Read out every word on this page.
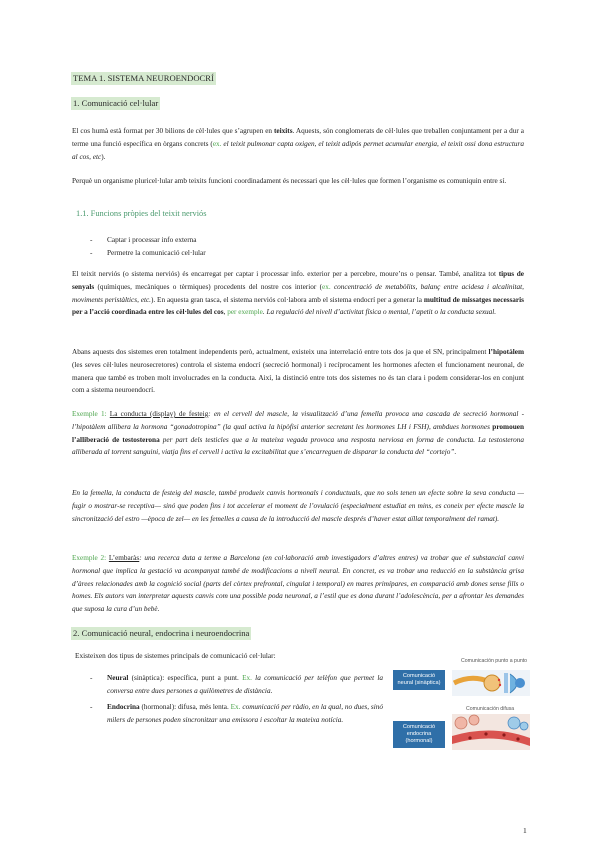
TEMA 1. SISTEMA NEUROENDOCRÍ
1. Comunicació cel·lular

El cos humà està format per 30 bilions de cèl·lules que s’agrupen en teixits. Aquests, són conglomerats de cèl·lules que treballen conjuntament per a dur a terme una funció específica en òrgans concrets (ex. el teixit pulmonar capta oxigen, el teixit adipós permet acumular energia, el teixit ossi dona estructura al cos, etc).

Perquè un organisme pluricel·lular amb teixits funcioni coordinadament és necessari que les cèl·lules que formen l’organisme es comuniquin entre sí.

1.1. Funcions pròpies del teixit nerviós
- Captar i processar info externa
- Permetre la comunicació cel·lular

El teixit nerviós (o sistema nerviós) és encarregat per captar i processar info. exterior per a percebre, moure’ns o pensar. També, analitza tot tipus de senyals (químiques, mecàniques o tèrmiques) procedents del nostre cos interior (ex. concentració de metabòlits, balanç entre acidesa i alcalinitat, moviments peristàltics, etc.). En aquesta gran tasca, el sistema nerviós col·labora amb el sistema endocrí per a generar la multitud de missatges necessaris per a l’acció coordinada entre les cèl·lules del cos, per exemple. La regulació del nivell d’activitat física o mental, l’apetit o la conducta sexual.

Abans aquests dos sistemes eren totalment independents però, actualment, existeix una interrelació entre tots dos ja que el SN, principalment l’hipotàlem (les seves cèl·lules neurosecretores) controla el sistema endocrí (secreció hormonal) i recíprocament les hormones afecten el funcionament neuronal, de manera que també es troben molt involucrades en la conducta. Així, la distinció entre tots dos sistemes no és tan clara i podem considerar-los en conjunt com a sistema neuroendocrí.

Exemple 1: La conducta (display) de festeig: en el cervell del mascle, la visualització d’una femella provoca una cascada de secreció hormonal - l’hipotàlem allibera la hormona “gonadotropina” (la qual activa la hipòfisi anterior secretant les hormones LH i FSH), ambdues hormones promouen l’alliberació de testosterona per part dels testicles que a la mateixa vegada provoca una resposta nerviosa en forma de conducta. La testosterona alliberada al torrent sanguini, viatja fins el cervell i activa la excitabilitat que s’encarreguen de disparar la conducta del “cortejo”.

En la femella, la conducta de festeig del mascle, també produeix canvis hormonals i conductuals, que no sols tenen un efecte sobre la seva conducta —fugir o mostrar-se receptiva— sinó que poden fins i tot accelerar el moment de l’ovulació (especialment estudiat en mins, es coneix per efecte mascle la sincronització del estro —època de zel— en les femelles a causa de la introducció del mascle després d’haver estat aïllat temporalment del ramat).

Exemple 2: L’embaràs: una recerca duta a terme a Barcelona (en col·laboració amb investigadors d’altres entres) va trobar que el substancial canvi hormonal que implica la gestació va acompanyat també de modificacions a nivell neural. En concret, es va trobar una reducció en la substància grisa d’àrees relacionades amb la cognició social (parts del còrtex prefrontal, cingulat i temporal) en mares primípares, en comparació amb dones sense fills o homes. Els autors van interpretar aquests canvis com una possible poda neuronal, a l’estil que es dona durant l’adolescència, per a afrontar les demandes que suposa la cura d’un bebè.

2. Comunicació neural, endocrina i neuroendocrina
Existeixen dos tipus de sistemes principals de comunicació cel·lular:
- Neural (sinàptica): específica, punt a punt. Ex. la comunicació per telèfon que permet la conversa entre dues persones a quilòmetres de distància.

- Endocrina (hormonal): difusa, més lenta. Ex. comunicació per ràdio, en la qual, no dues, sinó milers de persones poden sincronitzar una emissora i escoltar la mateixa notícia.

Comunicación punto a punto
Comunicació neural (sinàptica)
Comunicación difusa
Comunicació endocrina (hormonal)
1
